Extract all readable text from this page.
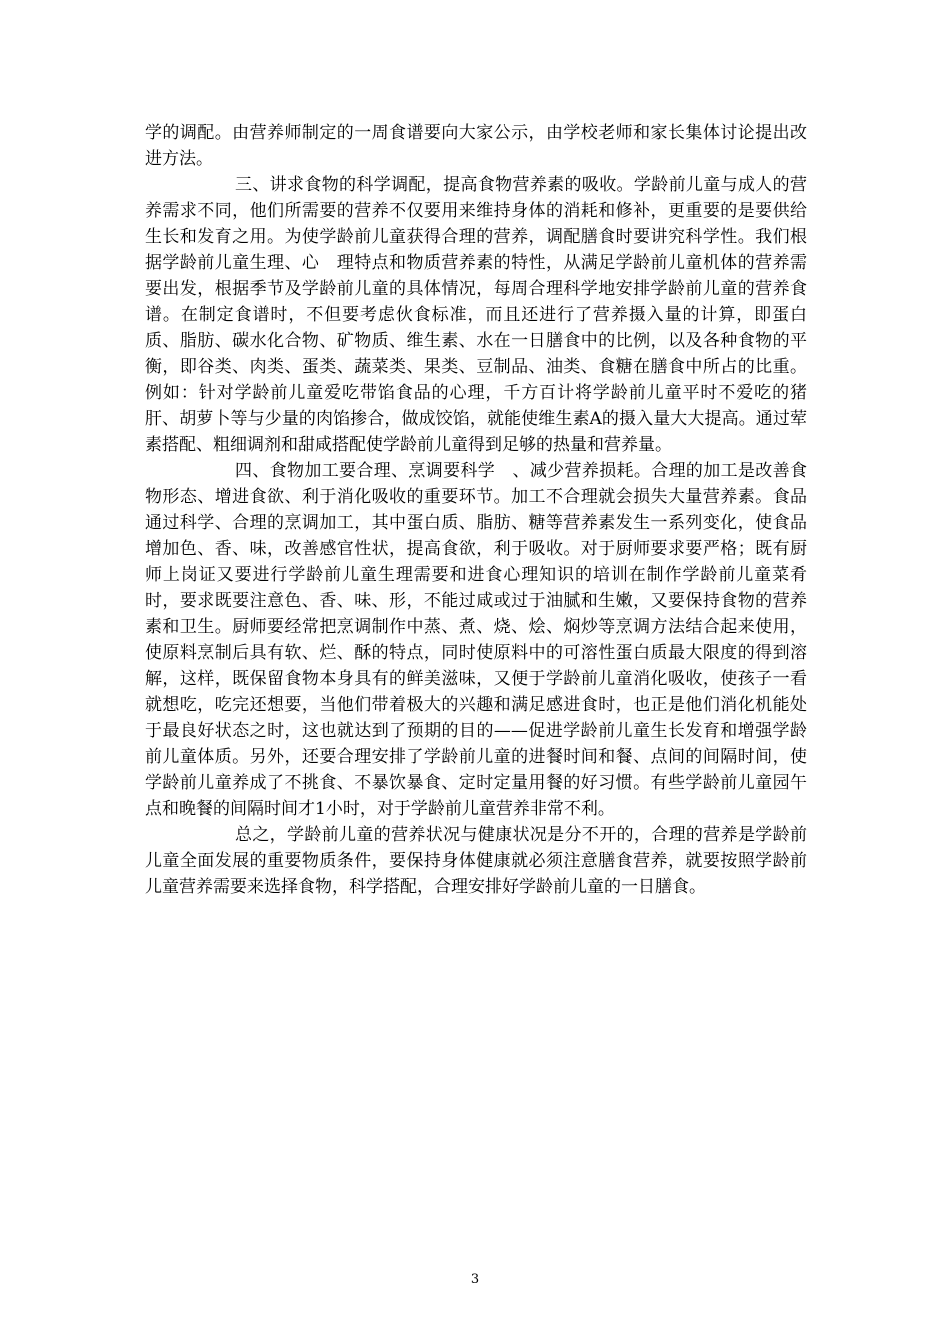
学的调配。由营养师制定的一周食谱要向大家公示，由学校老师和家长集体讨论提出改进方法。

三、讲求食物的科学调配，提高食物营养素的吸收。学龄前儿童与成人的营养需求不同，他们所需要的营养不仅要用来维持身体的消耗和修补，更重要的是要供给生长和发育之用。为使学龄前儿童获得合理的营养，调配膳食时要讲究科学性。我们根据学龄前儿童生理、心　理特点和物质营养素的特性，从满足学龄前儿童机体的营养需要出发，根据季节及学龄前儿童的具体情况，每周合理科学地安排学龄前儿童的营养食谱。在制定食谱时，不但要考虑伙食标准，而且还进行了营养摄入量的计算，即蛋白质、脂肪、碳水化合物、矿物质、维生素、水在一日膳食中的比例，以及各种食物的平衡，即谷类、肉类、蛋类、蔬菜类、果类、豆制品、油类、食糖在膳食中所占的比重。例如：针对学龄前儿童爱吃带馅食品的心理，千方百计将学龄前儿童平时不爱吃的猪肝、胡萝卜等与少量的肉馅掺合，做成饺馅，就能使维生素A的摄入量大大提高。通过荤素搭配、粗细调剂和甜咸搭配使学龄前儿童得到足够的热量和营养量。

四、食物加工要合理、烹调要科学　、减少营养损耗。合理的加工是改善食物形态、增进食欲、利于消化吸收的重要环节。加工不合理就会损失大量营养素。食品通过科学、合理的烹调加工，其中蛋白质、脂肪、糖等营养素发生一系列变化，使食品增加色、香、味，改善感官性状，提高食欲，利于吸收。对于厨师要求要严格；既有厨师上岗证又要进行学龄前儿童生理需要和进食心理知识的培训在制作学龄前儿童菜肴时，要求既要注意色、香、味、形，不能过咸或过于油腻和生嫩，又要保持食物的营养素和卫生。厨师要经常把烹调制作中蒸、煮、烧、烩、焖炒等烹调方法结合起来使用，使原料烹制后具有软、烂、酥的特点，同时使原料中的可溶性蛋白质最大限度的得到溶解，这样，既保留食物本身具有的鲜美滋味，又便于学龄前儿童消化吸收，使孩子一看就想吃，吃完还想要，当他们带着极大的兴趣和满足感进食时，也正是他们消化机能处于最良好状态之时，这也就达到了预期的目的——促进学龄前儿童生长发育和增强学龄前儿童体质。另外，还要合理安排了学龄前儿童的进餐时间和餐、点间的间隔时间，使学龄前儿童养成了不挑食、不暴饮暴食、定时定量用餐的好习惯。有些学龄前儿童园午点和晚餐的间隔时间才1小时，对于学龄前儿童营养非常不利。

总之，学龄前儿童的营养状况与健康状况是分不开的，合理的营养是学龄前儿童全面发展的重要物质条件，要保持身体健康就必须注意膳食营养，就要按照学龄前儿童营养需要来选择食物，科学搭配，合理安排好学龄前儿童的一日膳食。

3
